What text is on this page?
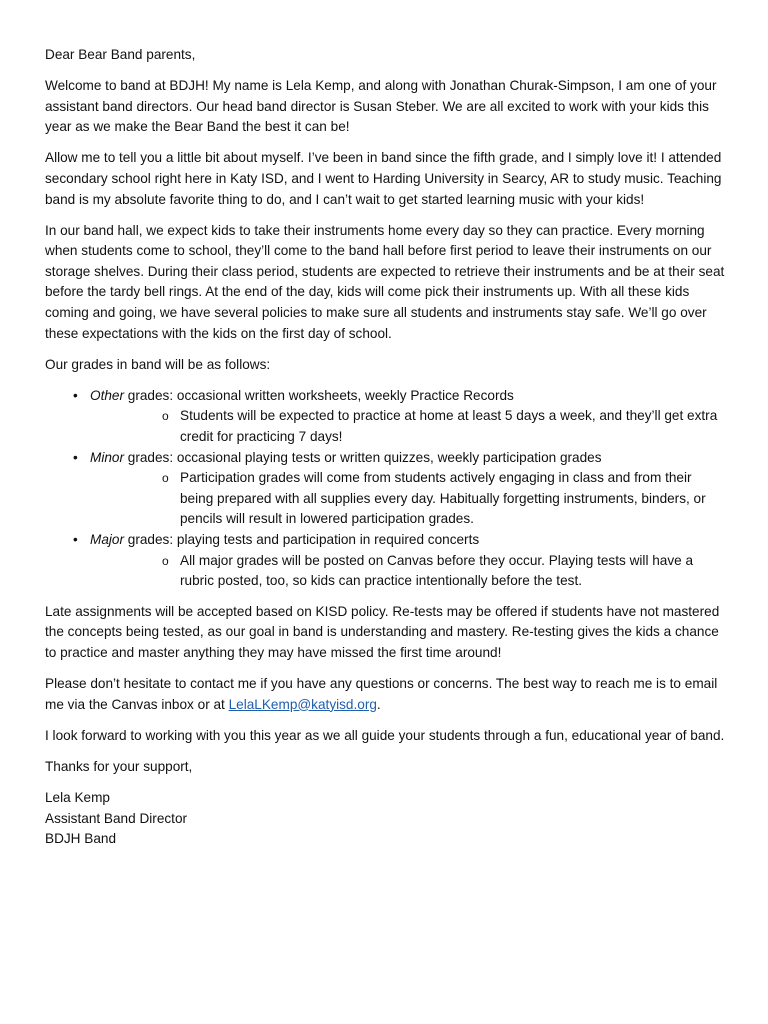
Dear Bear Band parents,

Welcome to band at BDJH! My name is Lela Kemp, and along with Jonathan Churak-Simpson, I am one of your assistant band directors. Our head band director is Susan Steber. We are all excited to work with your kids this year as we make the Bear Band the best it can be!

Allow me to tell you a little bit about myself. I’ve been in band since the fifth grade, and I simply love it! I attended secondary school right here in Katy ISD, and I went to Harding University in Searcy, AR to study music. Teaching band is my absolute favorite thing to do, and I can’t wait to get started learning music with your kids!

In our band hall, we expect kids to take their instruments home every day so they can practice. Every morning when students come to school, they’ll come to the band hall before first period to leave their instruments on our storage shelves. During their class period, students are expected to retrieve their instruments and be at their seat before the tardy bell rings. At the end of the day, kids will come pick their instruments up. With all these kids coming and going, we have several policies to make sure all students and instruments stay safe. We’ll go over these expectations with the kids on the first day of school.

Our grades in band will be as follows:

• Other grades: occasional written worksheets, weekly Practice Records
o Students will be expected to practice at home at least 5 days a week, and they’ll get extra credit for practicing 7 days!
• Minor grades: occasional playing tests or written quizzes, weekly participation grades
o Participation grades will come from students actively engaging in class and from their being prepared with all supplies every day. Habitually forgetting instruments, binders, or pencils will result in lowered participation grades.
• Major grades: playing tests and participation in required concerts
o All major grades will be posted on Canvas before they occur. Playing tests will have a rubric posted, too, so kids can practice intentionally before the test.

Late assignments will be accepted based on KISD policy. Re-tests may be offered if students have not mastered the concepts being tested, as our goal in band is understanding and mastery. Re-testing gives the kids a chance to practice and master anything they may have missed the first time around!

Please don’t hesitate to contact me if you have any questions or concerns. The best way to reach me is to email me via the Canvas inbox or at LelaLKemp@katyisd.org.

I look forward to working with you this year as we all guide your students through a fun, educational year of band.

Thanks for your support,

Lela Kemp

Assistant Band Director

BDJH Band
